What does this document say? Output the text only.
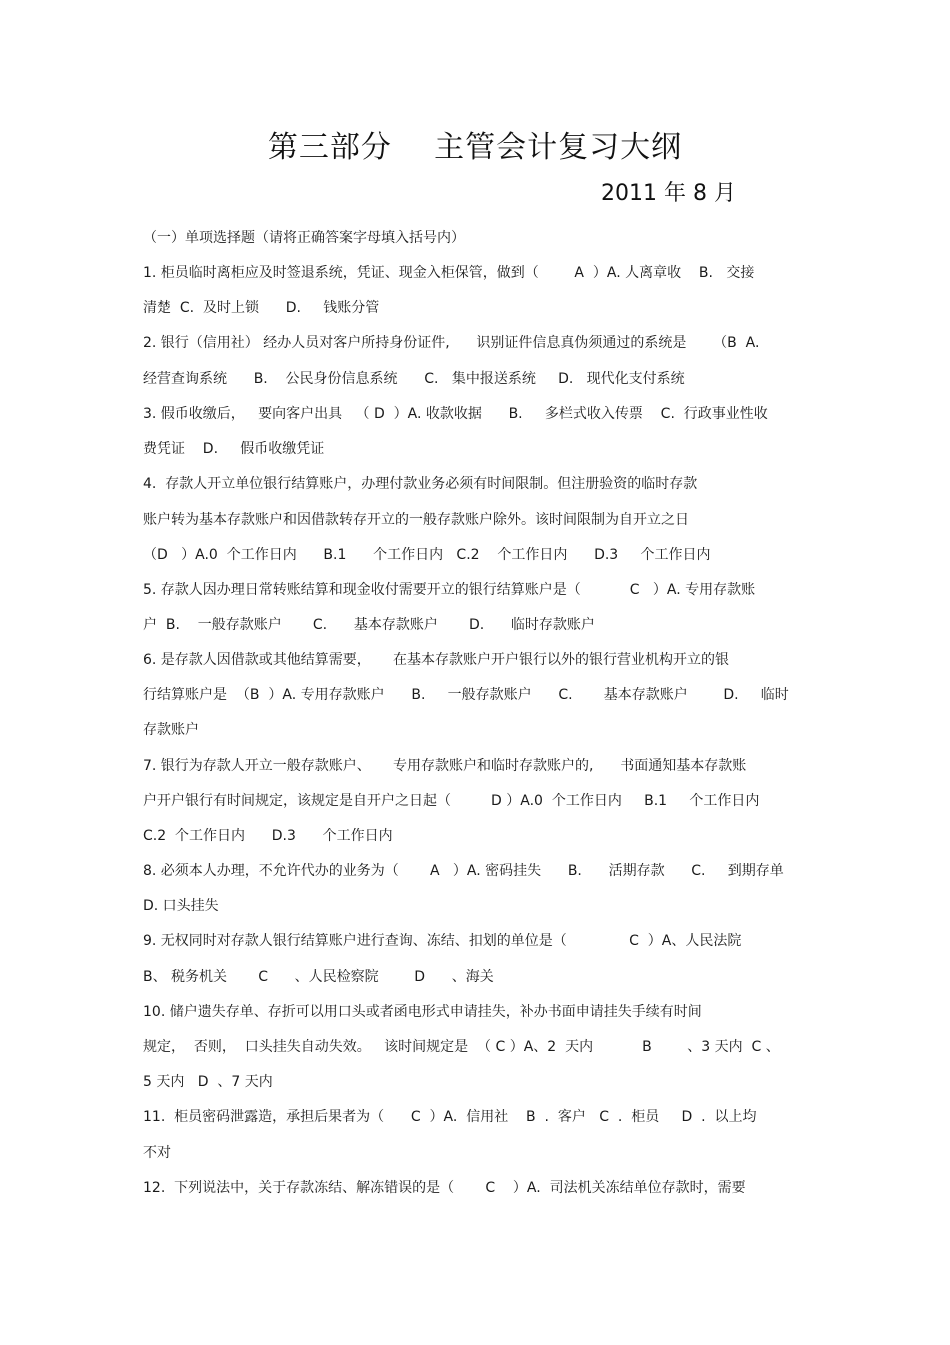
第三部分    主管会计复习大纲
2011 年 8 月
（一）单项选择题（请将正确答案字母填入括号内）
1. 柜员临时离柜应及时签退系统，凭证、现金入柜保管，做到（        A  ）A. 人离章收    B.   交接
清楚  C.  及时上锁      D.     钱账分管
2. 银行（信用社） 经办人员对客户所持身份证件,      识别证件信息真伪须通过的系统是      （B  A.
经营查询系统      B.    公民身份信息系统      C.   集中报送系统     D.   现代化支付系统
3. 假币收缴后，   要向客户出具   （ D  ）A. 收款收据      B.     多栏式收入传票    C.  行政事业性收
费凭证    D.     假币收缴凭证
4.  存款人开立单位银行结算账户，办理付款业务必须有时间限制。但注册验资的临时存款
账户转为基本存款账户和因借款转存开立的一般存款账户除外。该时间限制为自开立之日
（D   ）A.0  个工作日内      B.1      个工作日内   C.2    个工作日内      D.3     个工作日内
5. 存款人因办理日常转账结算和现金收付需要开立的银行结算账户是（           C   ）A. 专用存款账
户  B.    一般存款账户       C.      基本存款账户       D.      临时存款账户
6. 是存款人因借款或其他结算需要，     在基本存款账户开户银行以外的银行营业机构开立的银
行结算账户是  （B  ）A. 专用存款账户      B.     一般存款账户      C.       基本存款账户        D.     临时
存款账户
7. 银行为存款人开立一般存款账户、     专用存款账户和临时存款账户的,      书面通知基本存款账
户开户银行有时间规定，该规定是自开户之日起（         D ）A.0  个工作日内     B.1     个工作日内
C.2  个工作日内      D.3      个工作日内
8. 必须本人办理，不允许代办的业务为（       A   ）A. 密码挂失      B.      活期存款      C.     到期存单
D. 口头挂失
9. 无权同时对存款人银行结算账户进行查询、冻结、扣划的单位是（              C  ）A、人民法院
B、 税务机关       C      、人民检察院        D      、海关
10. 储户遗失存单、存折可以用口头或者函电形式申请挂失，补办书面申请挂失手续有时间
规定，  否则，  口头挂失自动失效。   该时间规定是  （ C ）A、2  天内           B        、3 天内  C 、
5 天内   D  、7 天内
11.  柜员密码泄露造，承担后果者为（      C  ）A.  信用社    B  .  客户   C  .  柜员     D  .  以上均
不对
12.  下列说法中，关于存款冻结、解冻错误的是（       C    ）A.  司法机关冻结单位存款时，需要
